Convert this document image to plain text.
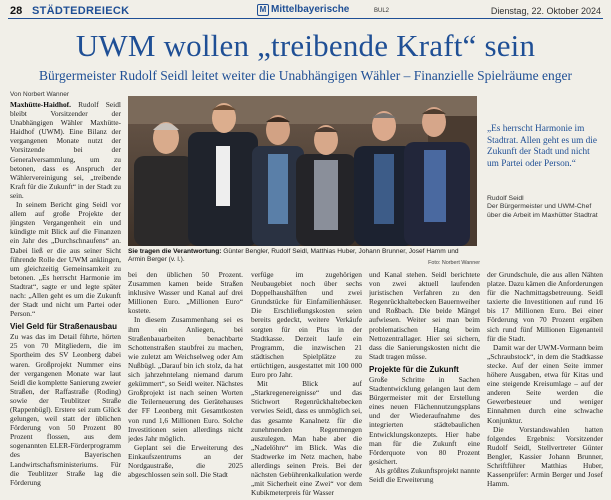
28 STÄDTEDREIECK	M Mittelbayerische	BUL2	Dienstag, 22. Oktober 2024
UWM wollen „treibende Kraft“ sein
Bürgermeister Rudolf Seidl leitet weiter die Unabhängigen Wähler – Finanzielle Spielräume enger
Von Norbert Wanner

Maxhütte-Haidhof. Rudolf Seidl bleibt Vorsitzender der Unabhängigen Wähler Maxhütte-Haidhof (UWM). Eine Bilanz der vergangenen Monate nutzt der Vorsitzende bei der Generalversammlung, um zu betonen, dass es Anspruch der Wählervereinigung sei, „treibende Kraft für die Zukunft“ in der Stadt zu sein.

In seinem Bericht ging Seidl vor allem auf große Projekte der jüngsten Vergangenheit ein und kündigte mit Blick auf die Finanzen ein Jahr des „Durchschnaufens“ an. Dabei ließ er die aus seiner Sicht führende Rolle der UWM anklingen, um gleichzeitig Gemeinsamkeit zu betonen. „Es herrscht Harmonie im Stadtrat“, sagte er und legte später nach: „Allen geht es um die Zukunft der Stadt und nicht um Partei oder Person.“

Viel Geld für Straßenausbau

Zu was das im Detail führte, hörten 25 von 70 Mitgliedern, die im Sportheim des SV Leonberg dabei waren. Großprojekt Nummer eins der vergangenen Monate war laut Seidl die komplette Sanierung zweier Straßen, der Raffastraße (Roding) sowie der Teublitzer Straße (Rappenbügl). Erstere sei zum Glück gelungen, weil statt der üblichen Förderung von 50 Prozent 80 Prozent flossen, aus dem sogenannten ELER-Förderprogramm des Bayerischen Landwirtschaftsministeriums. Für die Teublitzer Straße lag die Förderung

Sie tragen die Verantwortung: Günter Bengler, Rudolf Seidl, Matthias Huber, Johann Brunner, Josef Hamm und Armin Berger (v. l.).	Foto: Norbert Wanner
„Es herrscht Harmonie im Stadtrat. Allen geht es um die Zukunft der Stadt und nicht um Partei oder Person.“
Rudolf Seidl
Der Bürgermeister und UWM-Chef über die Arbeit im Maxhütter Stadtrat

bei den üblichen 50 Prozent. Zusammen kamen beide Straßen inklusive Wasser und Kanal auf drei Millionen Euro. „Millionen Euro“ kostete.

In diesem Zusammenhang sei es ihm ein Anliegen, bei Straßenbauarbeiten benachbarte Schottenstraßen staubfrei zu machen, wie zuletzt am Weichselweg oder Am Nußbügl. „Darauf bin ich stolz, da hat sich jahrzehntelang niemand darum gekümmert“, so Seidl weiter. Nächstes Großprojekt ist nach seinen Worten die Teilerneuerung des Gerätehauses der FF Leonberg mit Gesamtkosten von rund 1,6 Millionen Euro. Solche Investitionen seien allerdings nicht jedes Jahr möglich.

Geplant sei die Erweiterung des Einkaufszentrums an der Nordgaustraße, die 2025 abgeschlossen sein soll. Die Stadt

verfüge im zugehörigen Neubaugebiet noch über sechs Doppelhaushälften und zwei Grundstücke für Einfamilienhäuser. Die Erschließungskosten seien bereits gedeckt, weitere Verkäufe sorgten für ein Plus in der Stadtkasse. Derzeit laufe ein Programm, die inzwischen 21 städtischen Spielplätze zu ertüchtigen, ausgestattet mit 100 000 Euro pro Jahr.

Mit Blick auf „Starkregenereignisse“ und das Stichwort Regenrückhaltebecken verwies Seidl, dass es unmöglich sei, das gesamte Kanalnetz für die zunehmenden Regenmengen auszulegen. Man habe aber die „Nadelöhre“ im Blick. Was die Stadtwerke im Netz machen, habe allerdings seinen Preis. Bei der nächsten Gebührenkalkulation werde „mit Sicherheit eine Zwei“ vor dem Kubikmeterpreis für Wasser

und Kanal stehen. Seidl berichtete von zwei aktuell laufenden juristischen Verfahren zu den Regenrückhaltebecken Bauernweiher und Roßbach. Die beide Mängel aufwiesen. Weiter sei man beim problematischen Hang beim Nettozentrallager. Hier sei sichern, dass die Sanierungskosten nicht die Stadt tragen müsse.

Projekte für die Zukunft

Große Schritte in Sachen Stadtentwicklung gelangen laut dem Bürgermeister mit der Erstellung eines neuen Flächennutzungsplans und der Wiederaufnahme des integrierten städtebaulichen Entwicklungskonzepts. Hier habe man für die Zukunft eine Förderquote von 80 Prozent gesichert.

Als größtes Zukunftsprojekt nannte Seidl die Erweiterung

der Grundschule, die aus allen Nähten platze. Dazu kämen die Anforderungen für die Nachmittagsbetreuung. Seidl taxierte die Investitionen auf rund 16 bis 17 Millionen Euro. Bei einer Förderung von 70 Prozent ergäben sich rund fünf Millionen Eigenanteil für die Stadt.

Damit war der UWM-Vormann beim „Schraubstock“, in dem die Stadtkasse stecke. Auf der einen Seite immer höhere Ausgaben, etwa für Kitas und eine steigende Kreisumlage – auf der anderen Seite werden die Gewerbesteuer und weniger Einnahmen durch eine schwache Konjunktur.

Die Vorstandswahlen hatten folgendes Ergebnis: Vorsitzender Rudolf Seidl, Stellvertreter Günter Bengler, Kassier Johann Brunner, Schriftführer Matthias Huber, Kassenprüfer: Armin Berger und Josef Hamm.
